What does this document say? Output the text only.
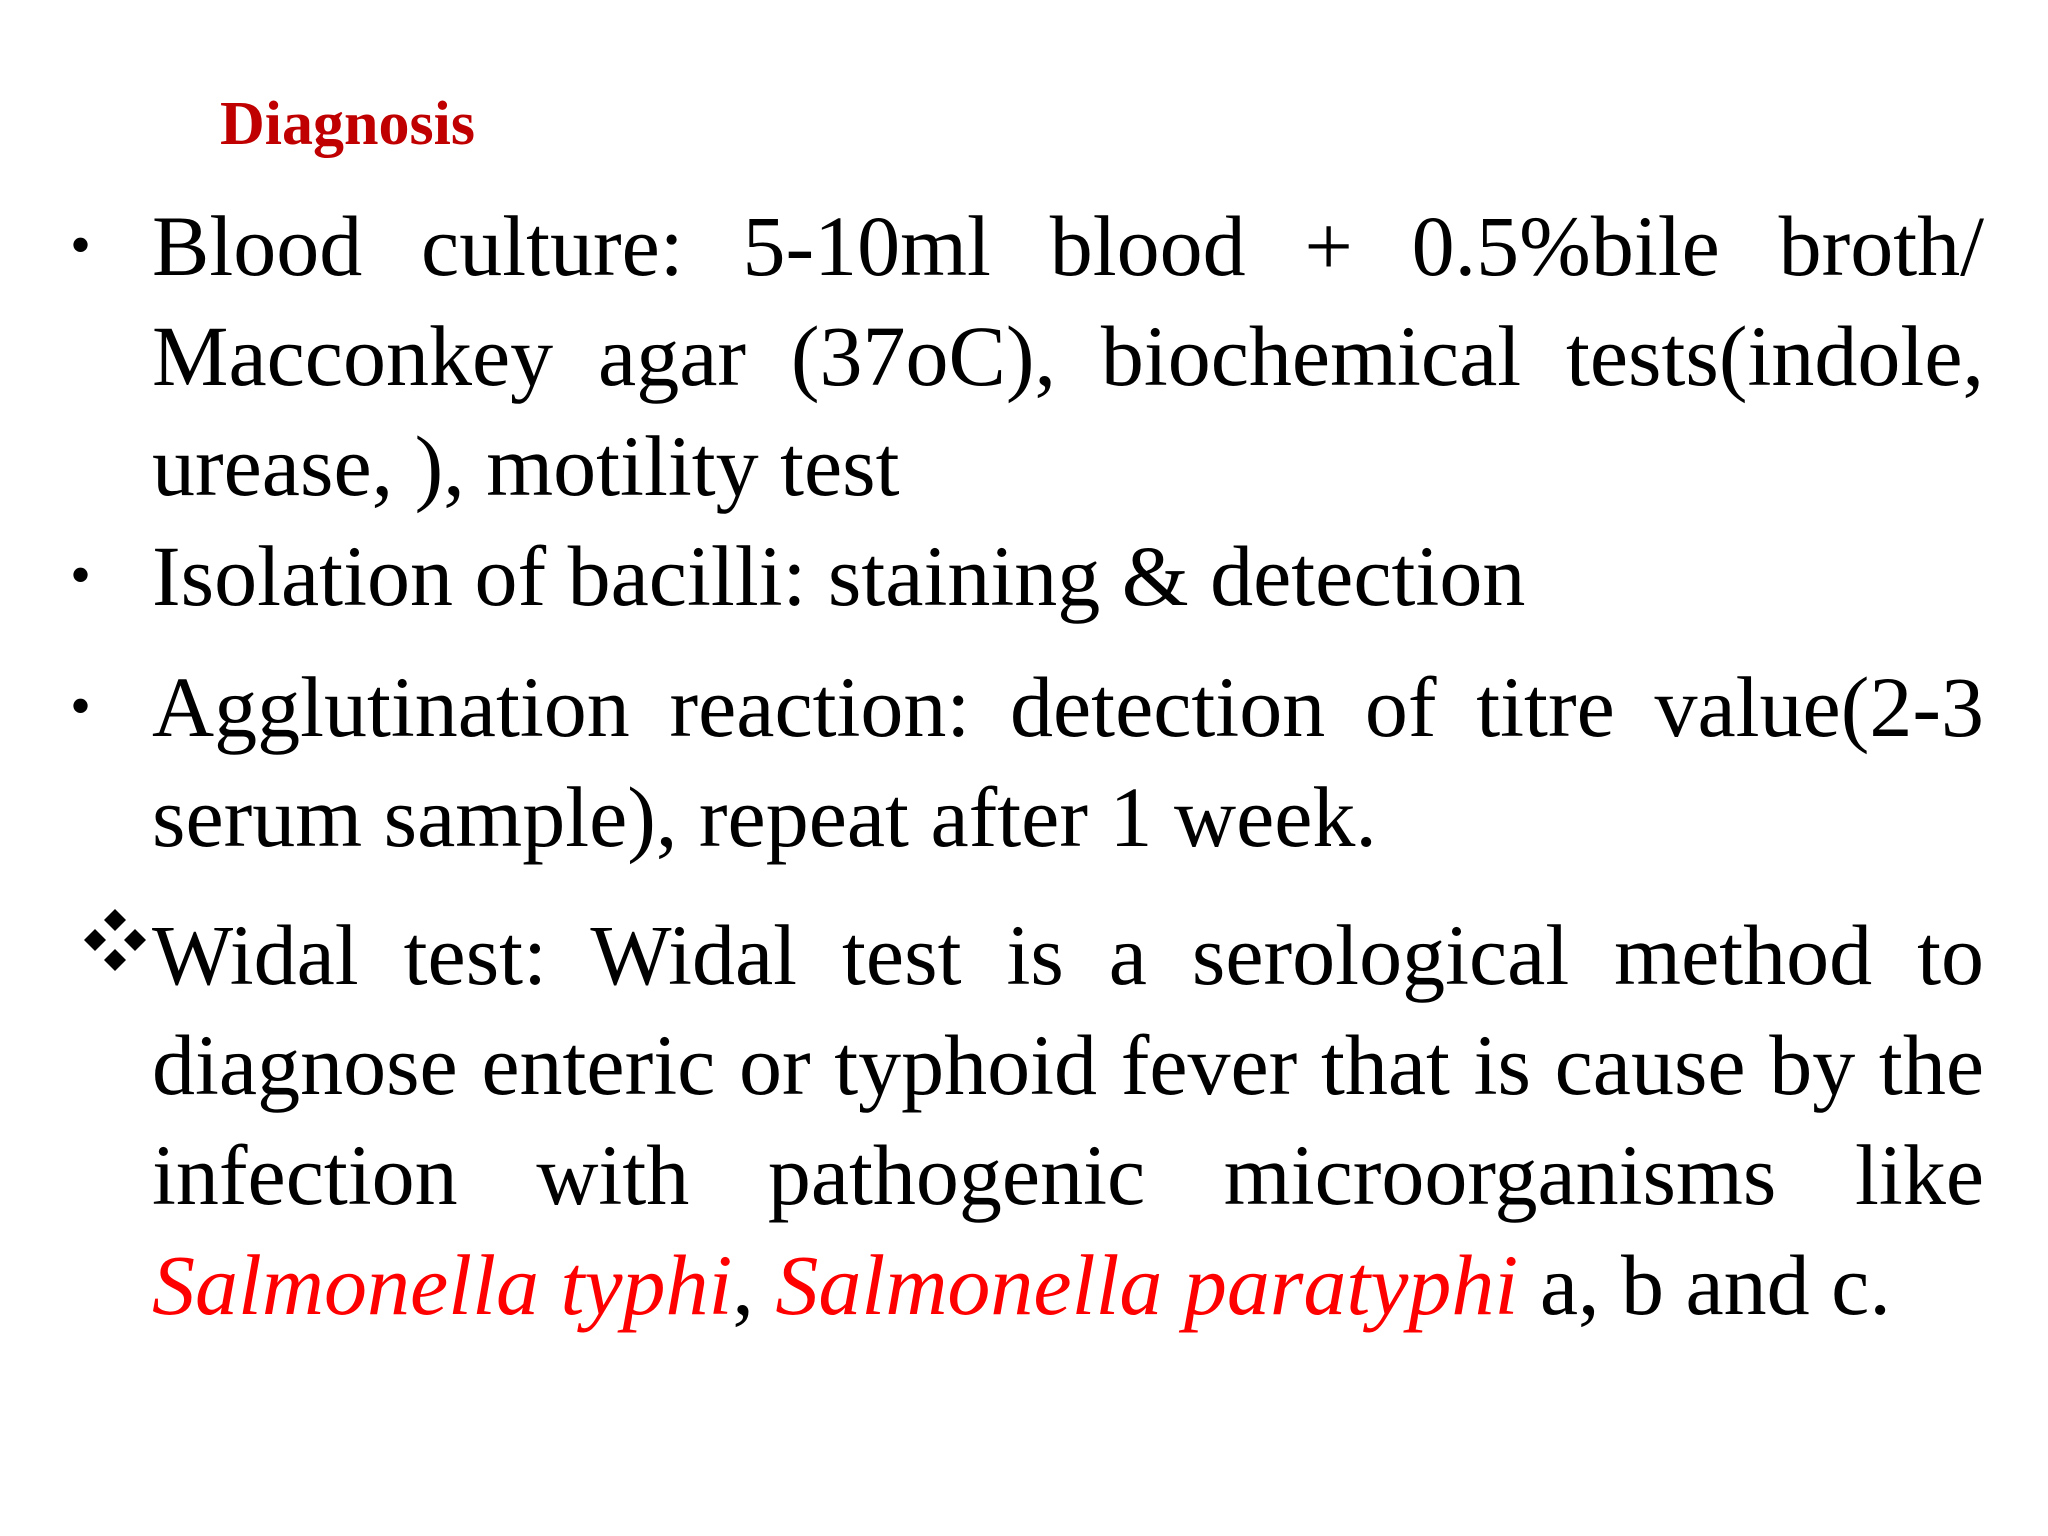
Diagnosis
• Blood culture: 5-10ml blood + 0.5%bile broth/ Macconkey agar (37oC), biochemical tests(indole, urease, ), motility test

• Isolation of bacilli: staining & detection

• Agglutination reaction: detection of titre value(2-3 serum sample), repeat after 1 week.

Widal test: Widal test is a serological method to diagnose enteric or typhoid fever that is cause by the infection with pathogenic microorganisms like Salmonella typhi, Salmonella paratyphi a, b and c.
